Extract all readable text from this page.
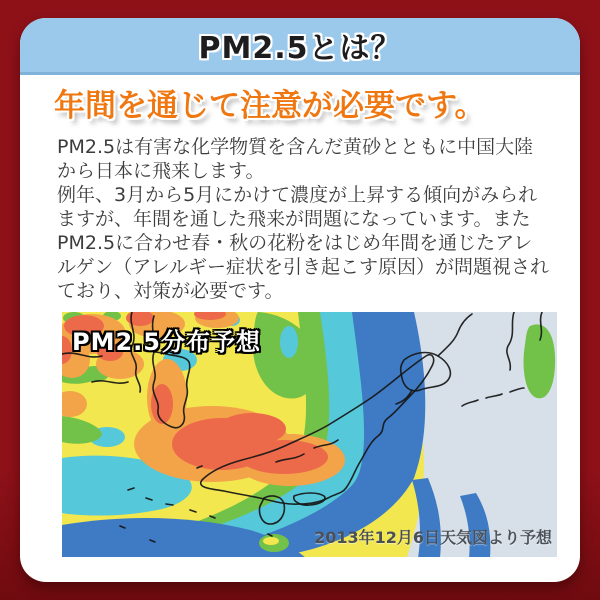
PM2.5とは？
年間を通じて注意が必要です。

PM2.5は有害な化学物質を含んだ黄砂とともに中国大陸から日本に飛来します。

例年、3月から5月にかけて濃度が上昇する傾向がみられますが、年間を通した飛来が問題になっています。またPM2.5に合わせ春・秋の花粉をはじめ年間を通じたアレルゲン（アレルギー症状を引き起こす原因）が問題視されており、対策が必要です。

PM2.5分布予想
2013年12月6日天気図より予想
